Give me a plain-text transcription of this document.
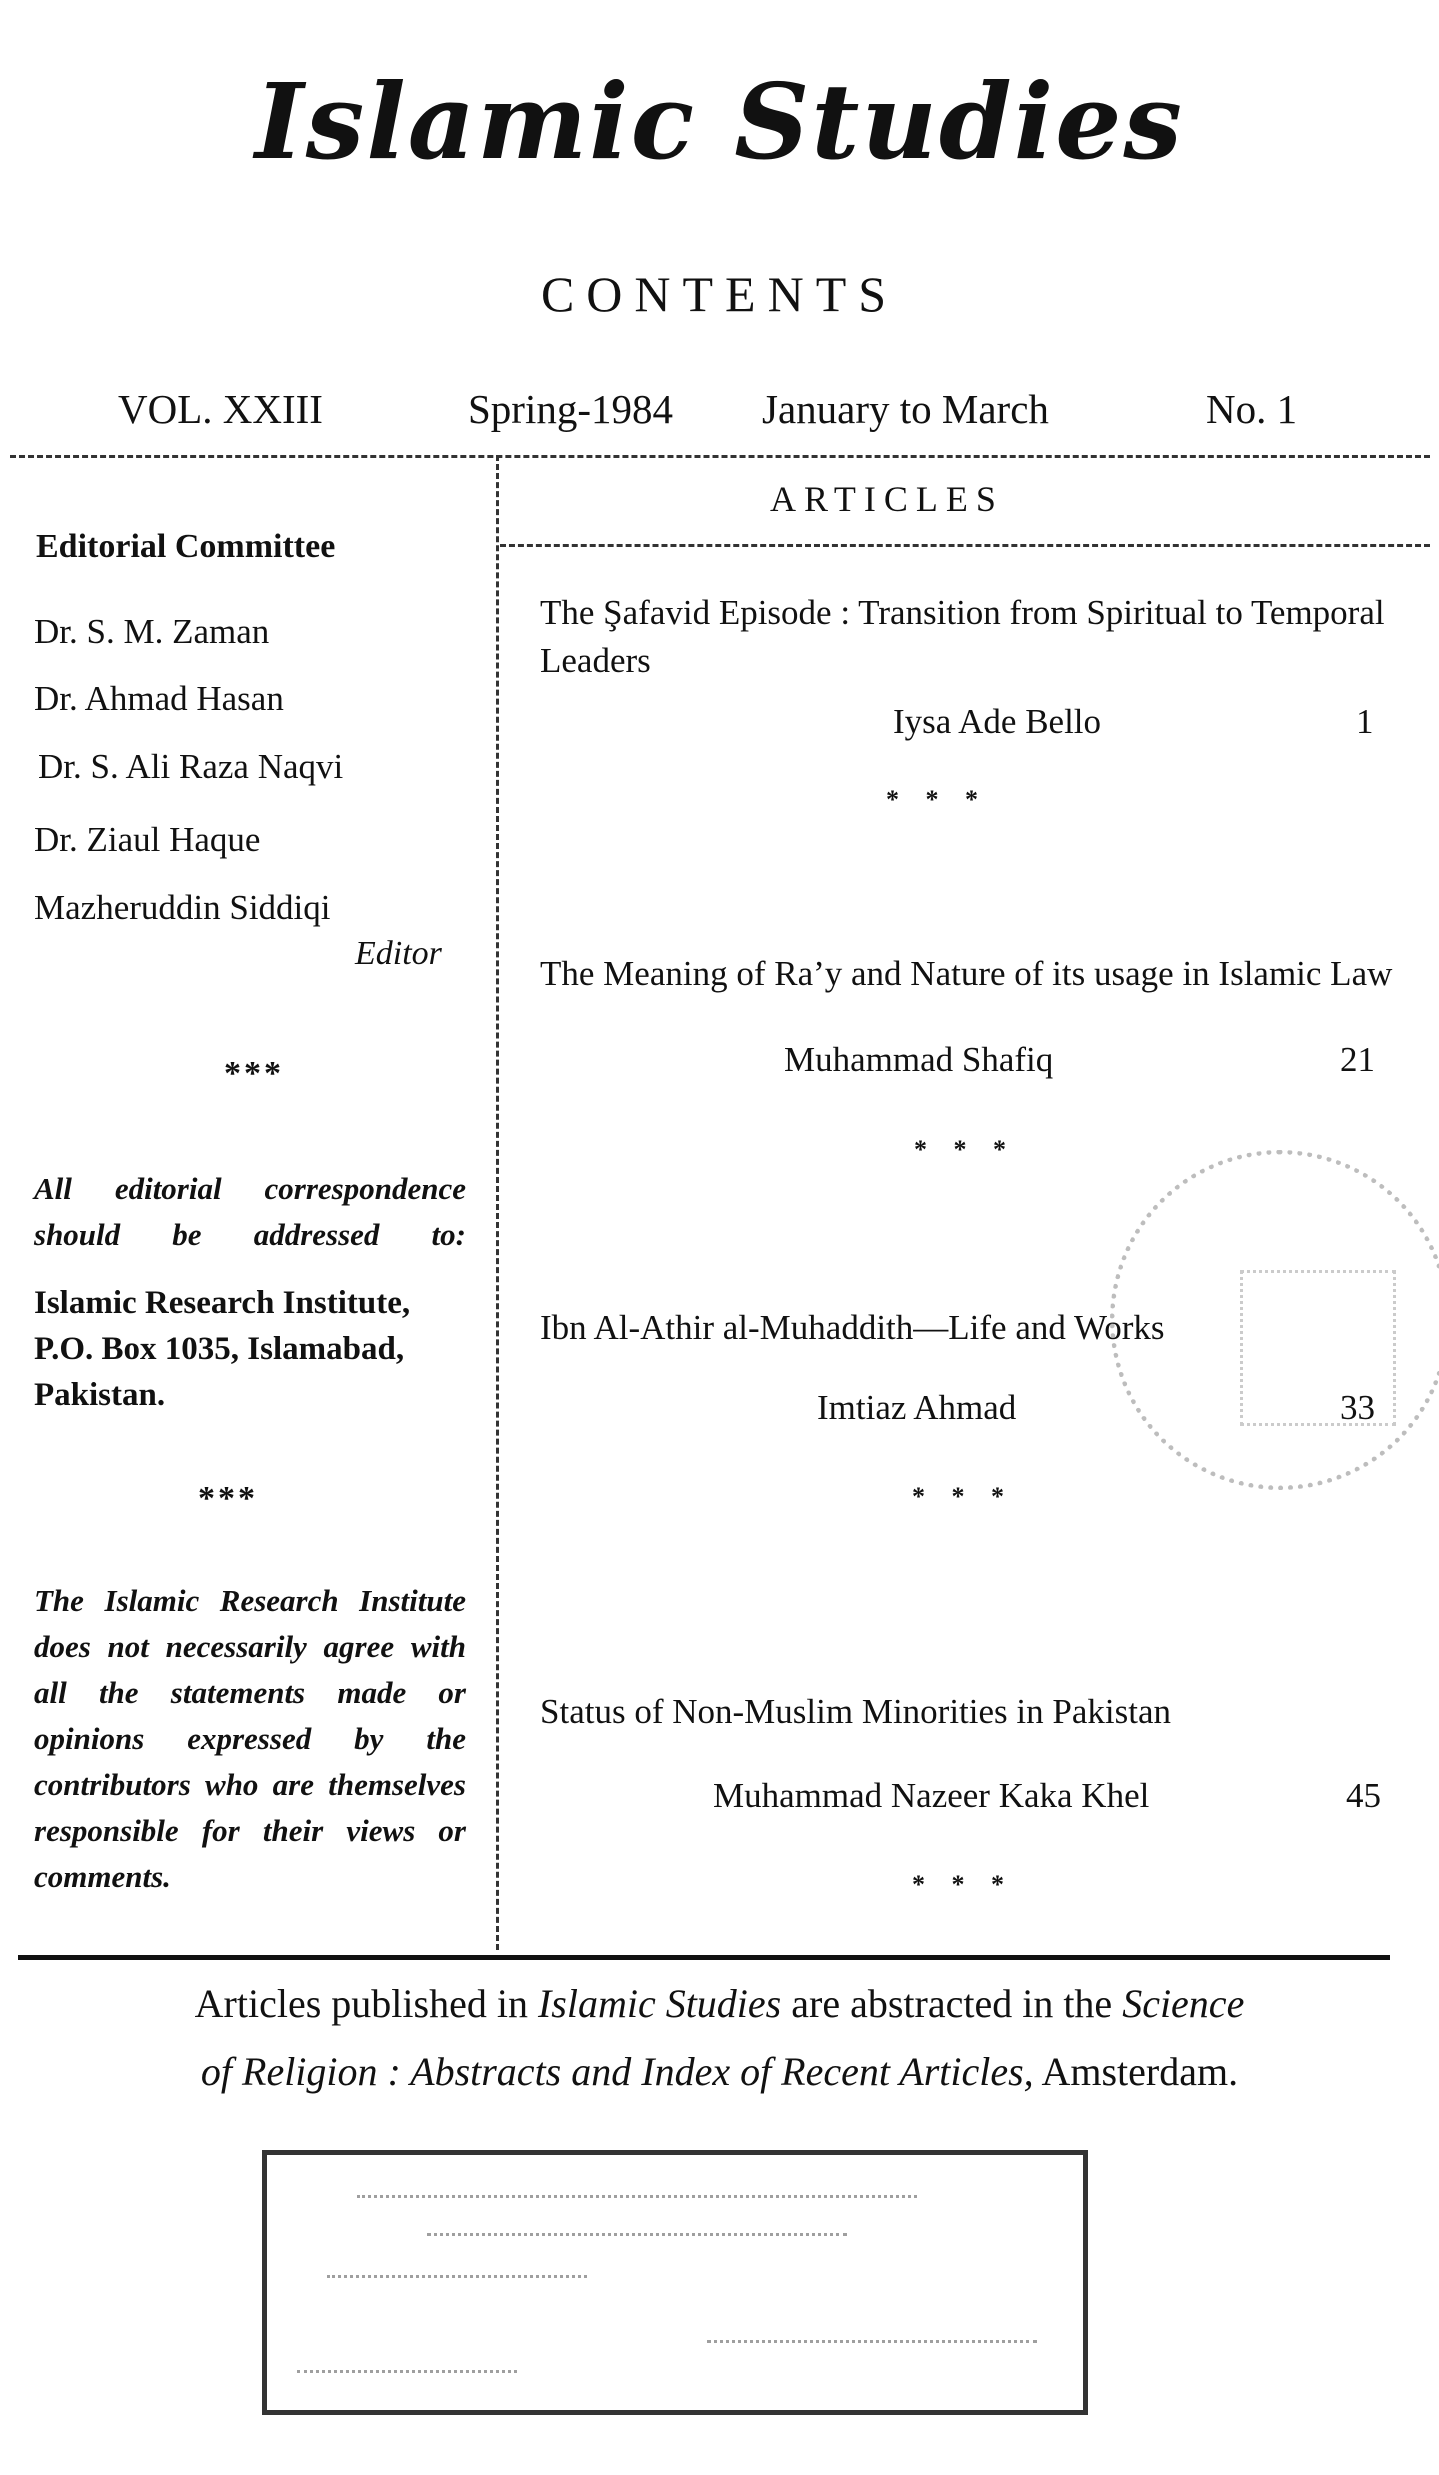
Islamic Studies
CONTENTS
VOL. XXIII	Spring-1984 January to March	No. 1
Editorial Committee
Dr. S. M. Zaman
Dr. Ahmad Hasan
Dr. S. Ali Raza Naqvi
Dr. Ziaul Haque
Mazheruddin Siddiqi
Editor
***
All editorial correspondence should be addressed to:
Islamic Research Institute, P.O. Box 1035, Islamabad, Pakistan.
***
The Islamic Research Institute does not necessarily agree with all the statements made or opinions expressed by the contributors who are themselves responsible for their views or comments.
ARTICLES
The Şafavid Episode : Transition from Spiritual to Temporal Leaders
Iysa Ade Bello	1
* * *
The Meaning of Ra’y and Nature of its usage in Islamic Law
Muhammad Shafiq	21
* * *
Ibn Al-Athir al-Muhaddith—Life and Works
Imtiaz Ahmad	33
* * *
Status of Non-Muslim Minorities in Pakistan
Muhammad Nazeer Kaka Khel	45
* * *
Articles published in Islamic Studies are abstracted in the Science
of Religion : Abstracts and Index of Recent Articles, Amsterdam.
